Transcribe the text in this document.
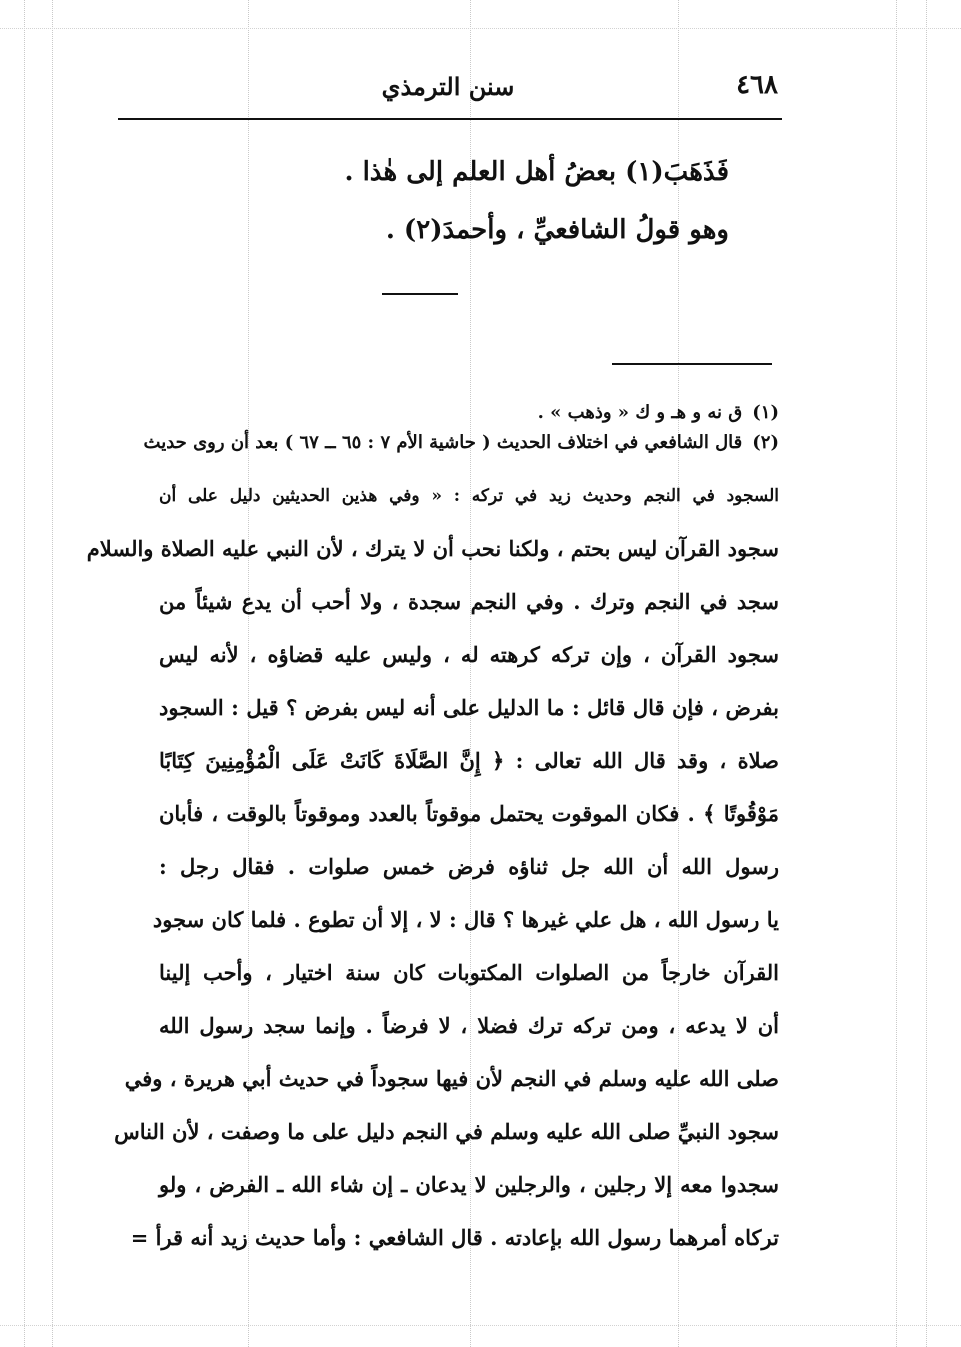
٤٦٨
سنن الترمذي
فَذَهَبَ(١) بعضُ أهل العلم إلى هٰذا .
وهو قولُ الشافعيِّ ، وأحمدَ(٢) .
(١)ق نه و هـ و ك « وذهب » .
(٢)قال الشافعي في اختلاف الحديث ( حاشية الأم ٧ : ٦٥ ــ ٦٧ ) بعد أن روى حديث
السجود في النجم وحديث زيد في تركه : « وفي هذين الحديثين دليل على أن
سجود القرآن ليس بحتم ، ولكنا نحب أن لا يترك ، لأن النبي عليه الصلاة والسلام
سجد في النجم وترك . وفي النجم سجدة ، ولا أحب أن يدع شيئاً من
سجود القرآن ، وإن تركه كرهته له ، وليس عليه قضاؤه ، لأنه ليس
بفرض ، فإن قال قائل : ما الدليل على أنه ليس بفرض ؟ قيل : السجود
صلاة ، وقد قال الله تعالى : ﴿ إِنَّ الصَّلَاةَ كَانَتْ عَلَى الْمُؤْمِنِينَ كِتَابًا
مَوْقُوتًا ﴾ . فكان الموقوت يحتمل موقوتاً بالعدد وموقوتاً بالوقت ، فأبان
رسول الله أن الله جل ثناؤه فرض خمس صلوات . فقال رجل :
يا رسول الله ، هل علي غيرها ؟ قال : لا ، إلا أن تطوع . فلما كان سجود
القرآن خارجاً من الصلوات المكتوبات كان سنة اختيار ، وأحب إلينا
أن لا يدعه ، ومن تركه ترك فضلا ، لا فرضاً . وإنما سجد رسول الله
صلى الله عليه وسلم في النجم لأن فيها سجوداً في حديث أبي هريرة ، وفي
سجود النبيِّ صلى الله عليه وسلم في النجم دليل على ما وصفت ، لأن الناس
سجدوا معه إلا رجلين ، والرجلين لا يدعان ـ إن شاء الله ـ الفرض ، ولو
تركاه أمرهما رسول الله بإعادته . قال الشافعي : وأما حديث زيد أنه قرأ =
